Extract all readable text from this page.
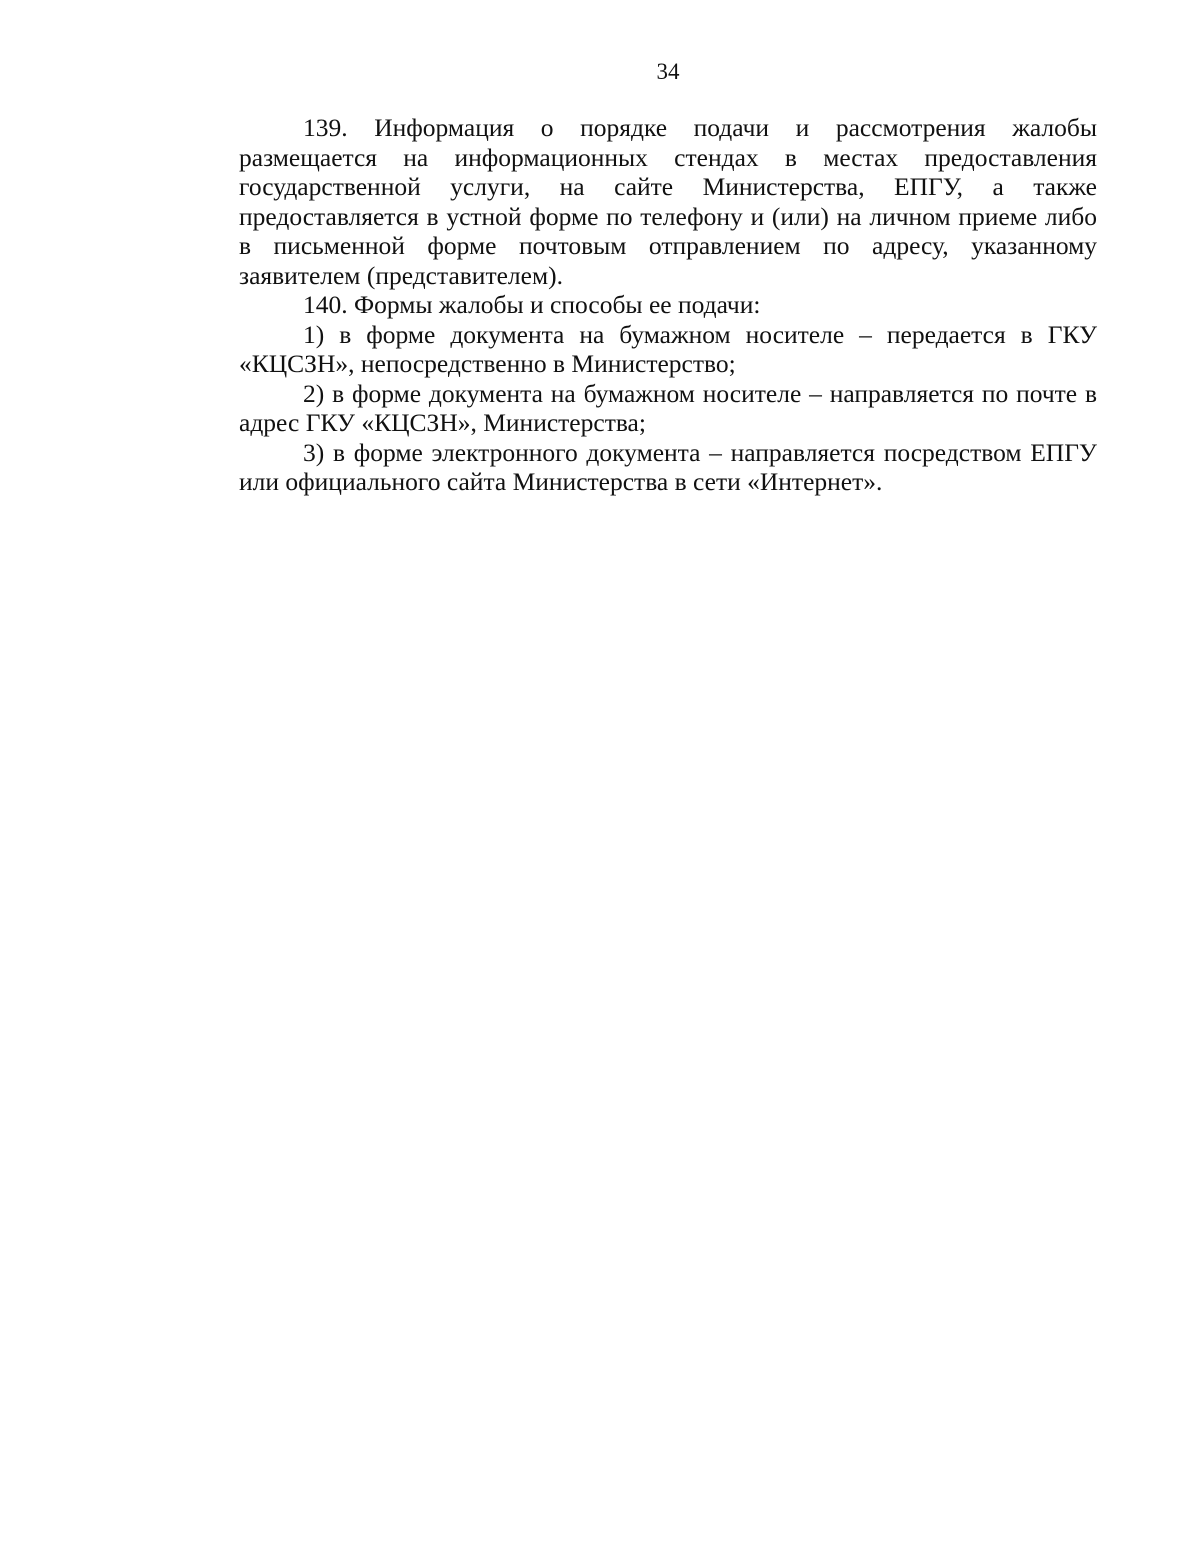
34

139. Информация о порядке подачи и рассмотрения жалобы размещается на информационных стендах в местах предоставления государственной услуги, на сайте Министерства, ЕПГУ, а также предоставляется в устной форме по телефону и (или) на личном приеме либо в письменной форме почтовым отправлением по адресу, указанному заявителем (представителем).

140. Формы жалобы и способы ее подачи:

1) в форме документа на бумажном носителе – передается в ГКУ «КЦСЗН», непосредственно в Министерство;

2) в форме документа на бумажном носителе – направляется по почте в адрес ГКУ «КЦСЗН», Министерства;

3) в форме электронного документа – направляется посредством ЕПГУ или официального сайта Министерства в сети «Интернет».
